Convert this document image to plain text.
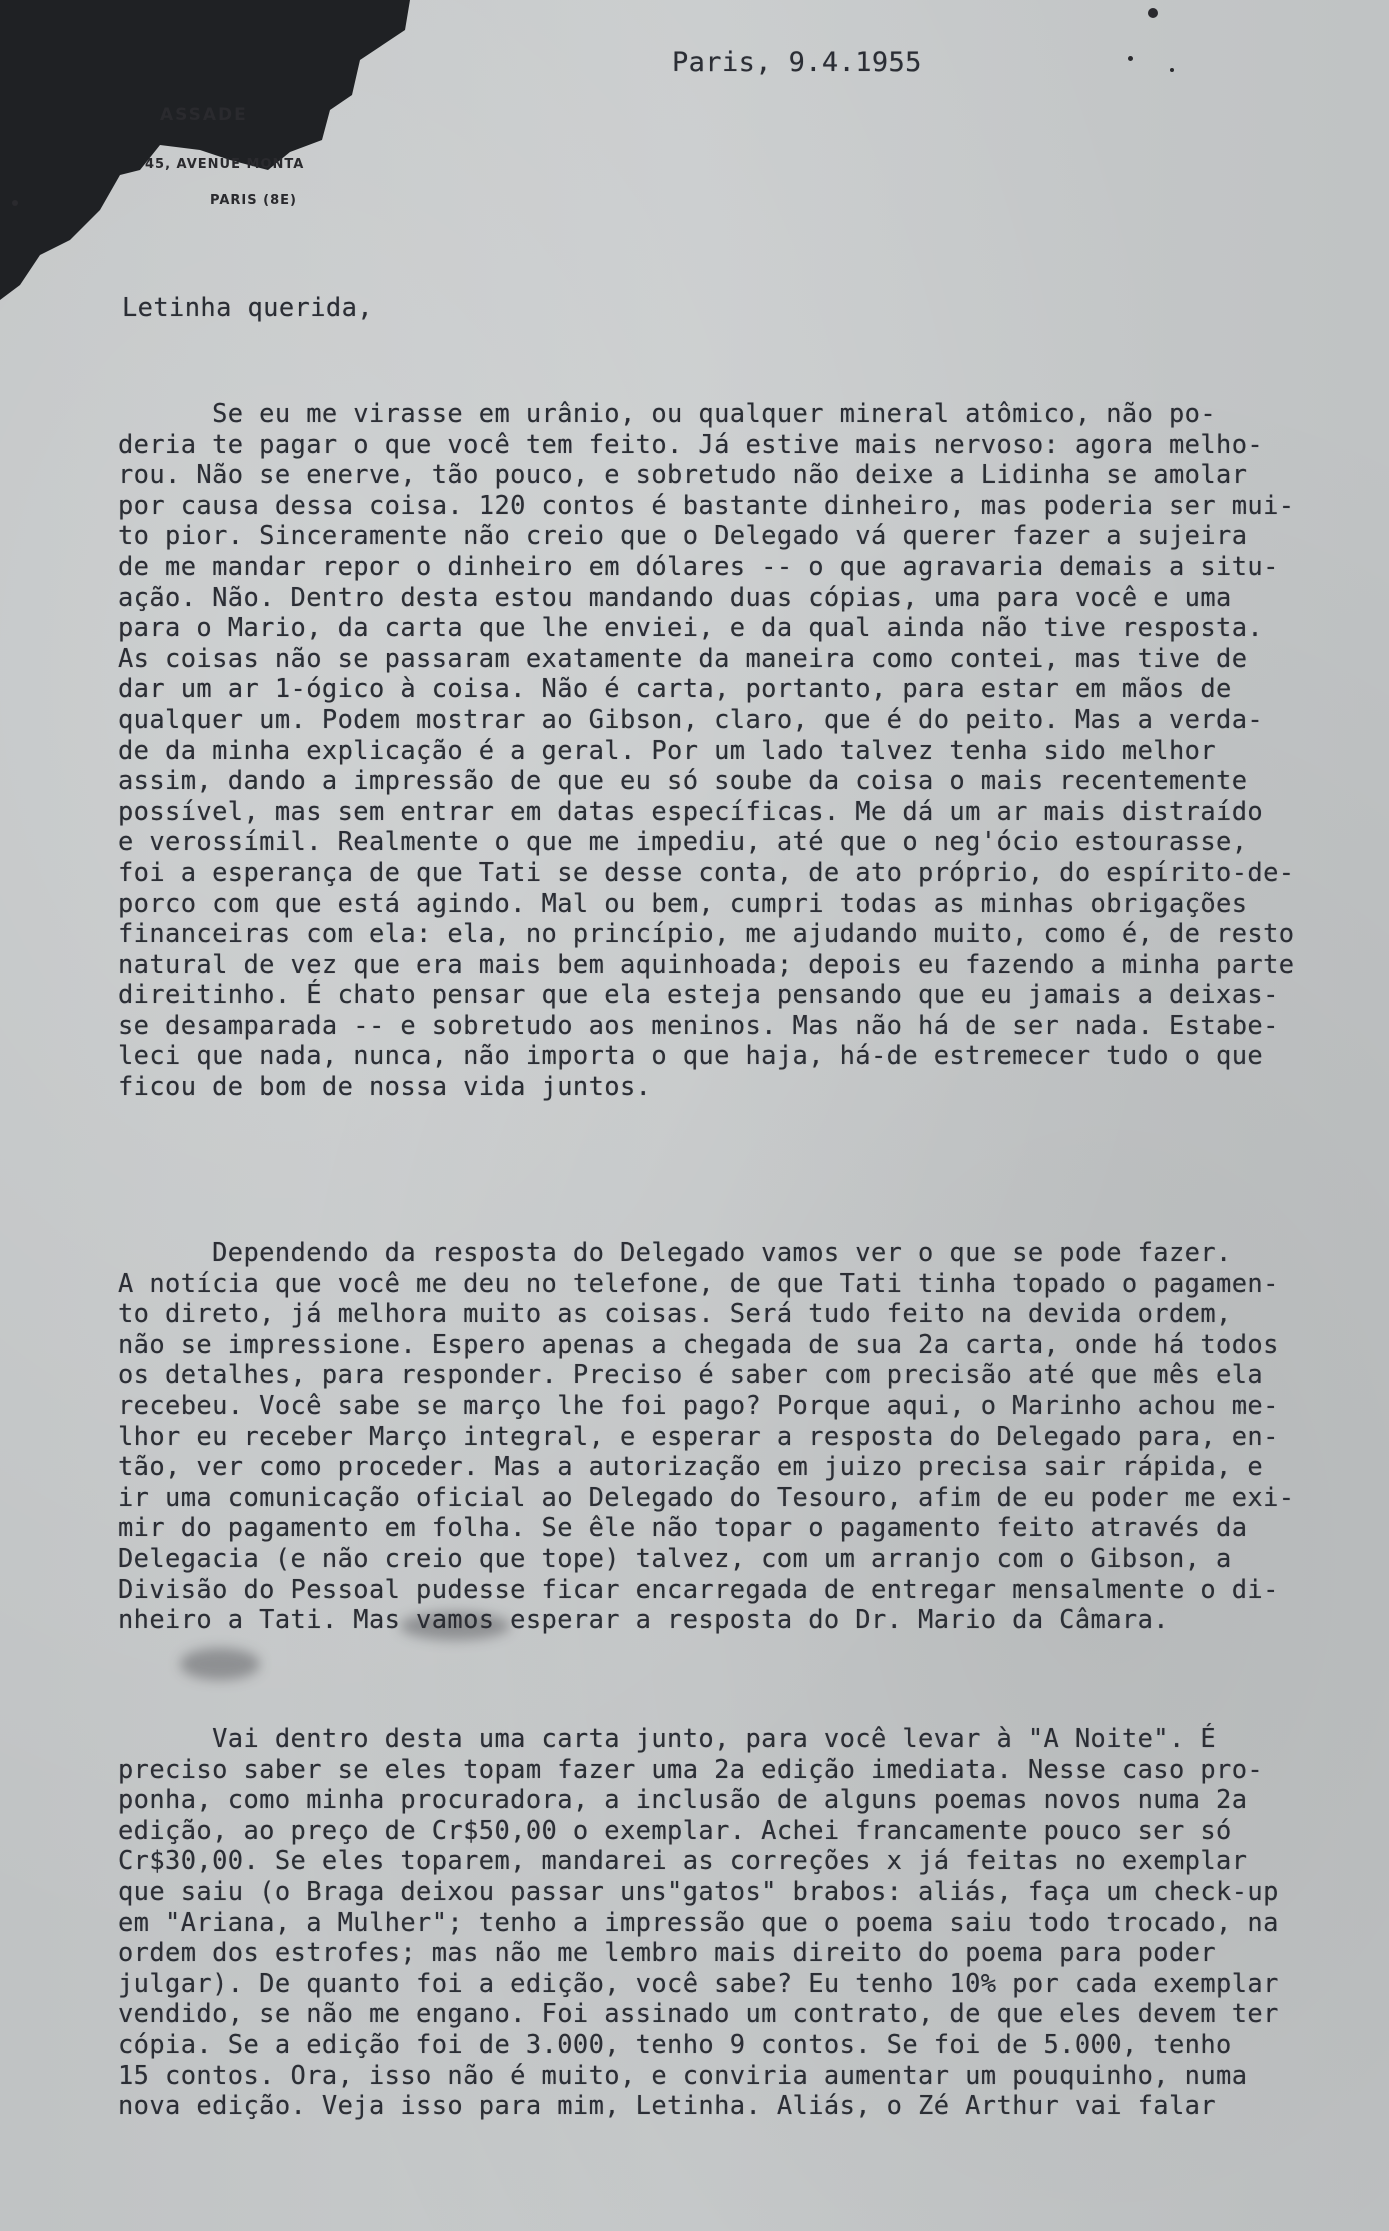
ASSADE
45, AVENUE MONTA
PARIS (8E)
Paris, 9.4.1955
Letinha querida,
Se eu me virasse em urânio, ou qualquer mineral atômico, não po-
deria te pagar o que você tem feito. Já estive mais nervoso: agora melho-
rou. Não se enerve, tão pouco, e sobretudo não deixe a Lidinha se amolar
por causa dessa coisa. 120 contos é bastante dinheiro, mas poderia ser mui-
to pior. Sinceramente não creio que o Delegado vá querer fazer a sujeira
de me mandar repor o dinheiro em dólares -- o que agravaria demais a situ-
ação. Não. Dentro desta estou mandando duas cópias, uma para você e uma
para o Mario, da carta que lhe enviei, e da qual ainda não tive resposta.
As coisas não se passaram exatamente da maneira como contei, mas tive de
dar um ar 1-ógico à coisa. Não é carta, portanto, para estar em mãos de
qualquer um. Podem mostrar ao Gibson, claro, que é do peito. Mas a verda-
de da minha explicação é a geral. Por um lado talvez tenha sido melhor
assim, dando a impressão de que eu só soube da coisa o mais recentemente
possível, mas sem entrar em datas específicas. Me dá um ar mais distraído
e verossímil. Realmente o que me impediu, até que o neg'ócio estourasse,
foi a esperança de que Tati se desse conta, de ato próprio, do espírito-de-
porco com que está agindo. Mal ou bem, cumpri todas as minhas obrigações
financeiras com ela: ela, no princípio, me ajudando muito, como é, de resto
natural de vez que era mais bem aquinhoada; depois eu fazendo a minha parte
direitinho. É chato pensar que ela esteja pensando que eu jamais a deixas-
se desamparada -- e sobretudo aos meninos. Mas não há de ser nada. Estabe-
leci que nada, nunca, não importa o que haja, há-de estremecer tudo o que
ficou de bom de nossa vida juntos.
Dependendo da resposta do Delegado vamos ver o que se pode fazer.
A notícia que você me deu no telefone, de que Tati tinha topado o pagamen-
to direto, já melhora muito as coisas. Será tudo feito na devida ordem,
não se impressione. Espero apenas a chegada de sua 2a carta, onde há todos
os detalhes, para responder. Preciso é saber com precisão até que mês ela
recebeu. Você sabe se março lhe foi pago? Porque aqui, o Marinho achou me-
lhor eu receber Março integral, e esperar a resposta do Delegado para, en-
tão, ver como proceder. Mas a autorização em juizo precisa sair rápida, e
ir uma comunicação oficial ao Delegado do Tesouro, afim de eu poder me exi-
mir do pagamento em folha. Se êle não topar o pagamento feito através da
Delegacia (e não creio que tope) talvez, com um arranjo com o Gibson, a
Divisão do Pessoal pudesse ficar encarregada de entregar mensalmente o di-
nheiro a Tati. Mas vamos esperar a resposta do Dr. Mario da Câmara.
Vai dentro desta uma carta junto, para você levar à "A Noite". É
preciso saber se eles topam fazer uma 2a edição imediata. Nesse caso pro-
ponha, como minha procuradora, a inclusão de alguns poemas novos numa 2a
edição, ao preço de Cr$50,00 o exemplar. Achei francamente pouco ser só
Cr$30,00. Se eles toparem, mandarei as correções x já feitas no exemplar
que saiu (o Braga deixou passar uns"gatos" brabos: aliás, faça um check-up
em "Ariana, a Mulher"; tenho a impressão que o poema saiu todo trocado, na
ordem dos estrofes; mas não me lembro mais direito do poema para poder
julgar). De quanto foi a edição, você sabe? Eu tenho 10% por cada exemplar
vendido, se não me engano. Foi assinado um contrato, de que eles devem ter
cópia. Se a edição foi de 3.000, tenho 9 contos. Se foi de 5.000, tenho
15 contos. Ora, isso não é muito, e conviria aumentar um pouquinho, numa
nova edição. Veja isso para mim, Letinha. Aliás, o Zé Arthur vai falar
